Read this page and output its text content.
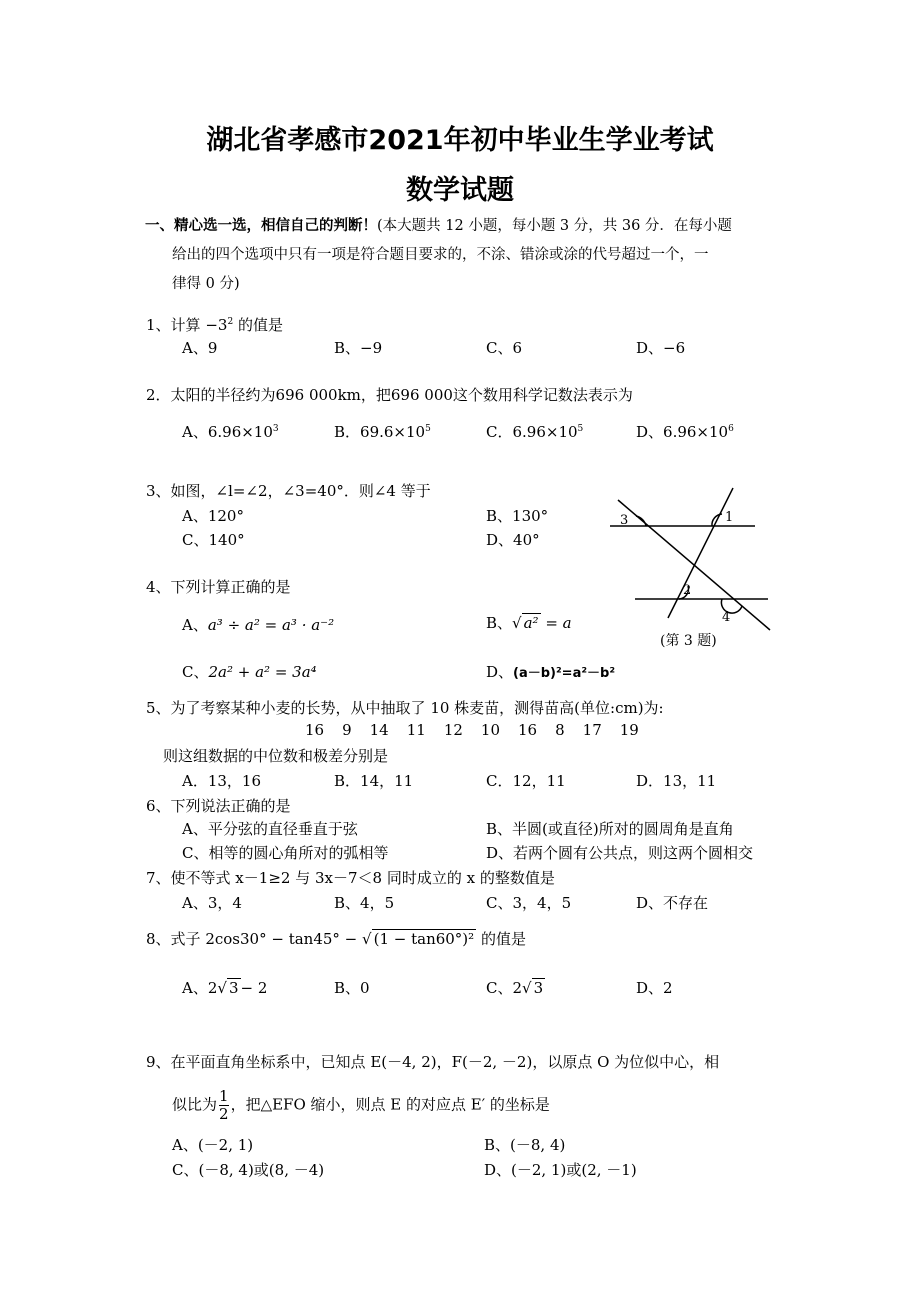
湖北省孝感市2021年初中毕业生学业考试
数学试题
一、精心选一选，相信自己的判断！(本大题共 12 小题，每小题 3 分，共 36 分．在每小题
给出的四个选项中只有一项是符合题目要求的，不涂、错涂或涂的代号超过一个，一
律得 0 分)
1、计算 $-3^2$ 的值是
A、9	B、−9	C、6	D、−6
2．太阳的半径约为696 000km，把696 000这个数用科学记数法表示为
A、$6.96\times 10^3$	B．$69.6\times 10^5$	C．$6.96\times 10^5$	D、$6.96\times 10^6$
3、如图，∠l=∠2，∠3=40°．则∠4 等于
A、120°	B、130°
C、140°	D、40°
3	1
2
4
(第 3 题)
4、下列计算正确的是
A、a³ ÷ a² = a³ · a⁻²	B、√ a² = a
C、2a² + a² = 3a⁴	D、(a－b)²=a²－b²
5、为了考察某种小麦的长势，从中抽取了 10 株麦苗，测得苗高(单位:cm)为:
16 9 14 11 12 10 16 8 17 19
则这组数据的中位数和极差分别是
A．13，16	B．14，11	C．12，11	D．13，11
6、下列说法正确的是
A、平分弦的直径垂直于弦	B、半圆(或直径)所对的圆周角是直角
C、相等的圆心角所对的弧相等	D、若两个圆有公共点，则这两个圆相交
7、使不等式 x－1≥2 与 3x－7＜8 同时成立的 x 的整数值是
A、3，4	B、4，5	C、3，4，5	D、不存在
8、式子 2cos30° − tan45° − √ (1 − tan60°)² 的值是
A、2√ 3 − 2	B、0	C、2√ 3	D、2
9、在平面直角坐标系中，已知点 E(－4, 2)，F(－2, －2)，以原点 O 为位似中心，相
似比为 $\frac{1}{2}$ ，把△EFO 缩小，则点 E 的对应点 E′ 的坐标是
A、(－2, 1)	B、(－8, 4)
C、(－8, 4)或(8, －4)	D、(－2, 1)或(2, －1)
